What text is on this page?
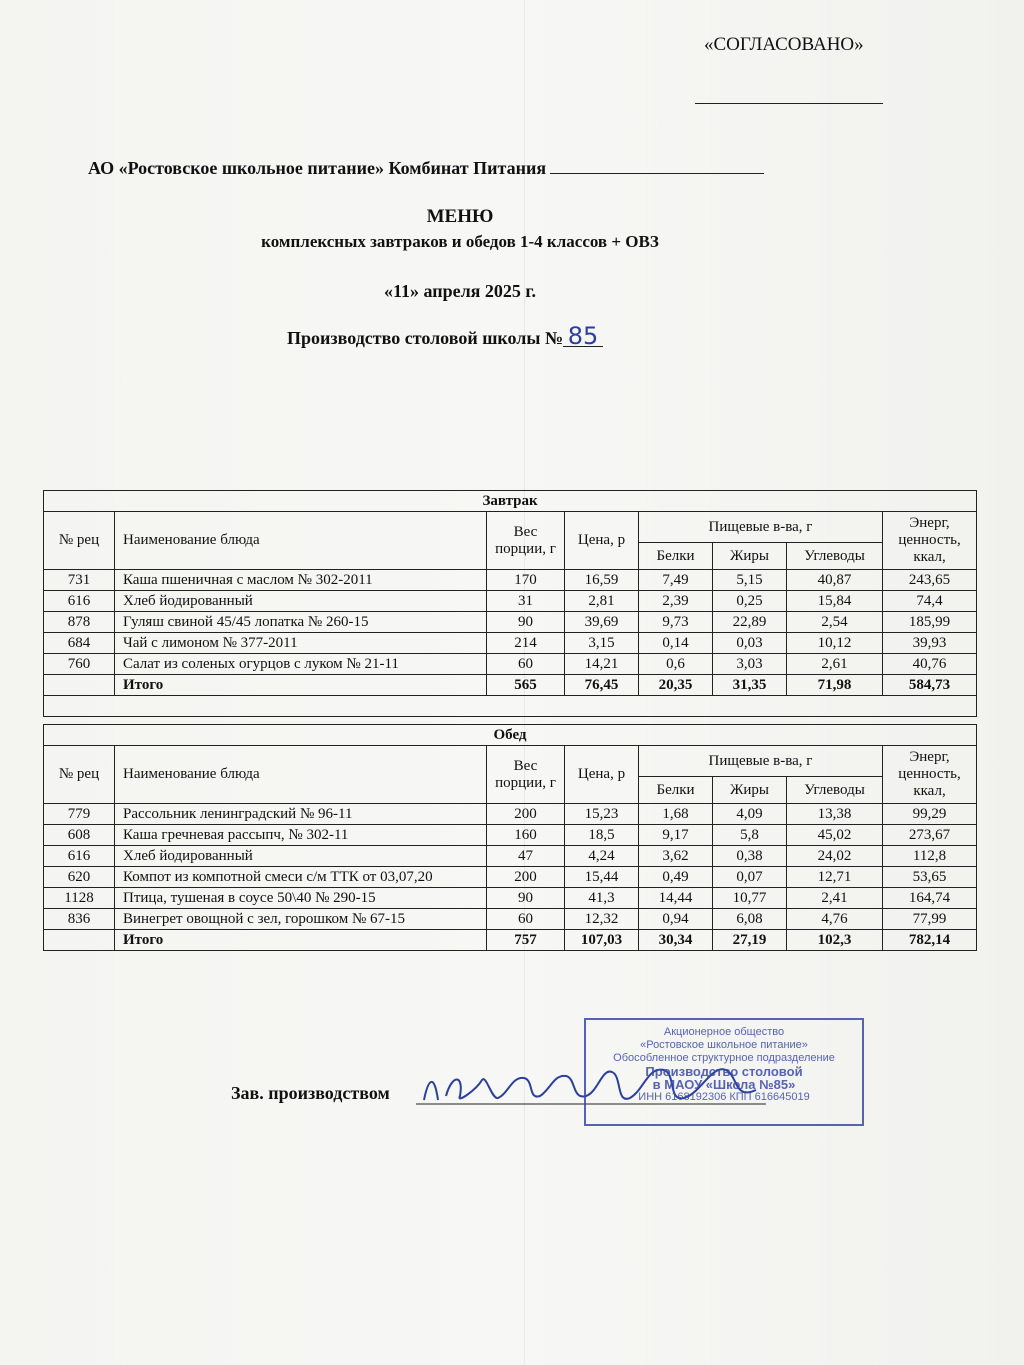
«СОГЛАСОВАНО»
АО «Ростовское школьное питание» Комбинат Питания
МЕНЮ
комплексных завтраков и обедов 1-4 классов + ОВЗ
«11» апреля 2025 г.
Производство столовой школы № 85
Завтрак							
№ рец	Наименование блюда	Вес порции, г	Цена, р	Пищевые в-ва, г			Энерг, ценность, ккал,
				Белки	Жиры	Углеводы	
731	Каша пшеничная с маслом № 302-2011	170	16,59	7,49	5,15	40,87	243,65
616	Хлеб йодированный	31	2,81	2,39	0,25	15,84	74,4
878	Гуляш свиной 45/45 лопатка № 260-15	90	39,69	9,73	22,89	2,54	185,99
684	Чай с лимоном № 377-2011	214	3,15	0,14	0,03	10,12	39,93
760	Салат из соленых огурцов с луком № 21-11	60	14,21	0,6	3,03	2,61	40,76
	Итого	565	76,45	20,35	31,35	71,98	584,73

Обед							
№ рец	Наименование блюда	Вес порции, г	Цена, р	Пищевые в-ва, г			Энерг, ценность, ккал,
				Белки	Жиры	Углеводы	
779	Рассольник ленинградский № 96-11	200	15,23	1,68	4,09	13,38	99,29
608	Каша гречневая рассыпч, № 302-11	160	18,5	9,17	5,8	45,02	273,67
616	Хлеб йодированный	47	4,24	3,62	0,38	24,02	112,8
620	Компот из компотной смеси с/м ТТК от 03,07,20	200	15,44	0,49	0,07	12,71	53,65
1128	Птица, тушеная в соусе 50\40 № 290-15	90	41,3	14,44	10,77	2,41	164,74
836	Винегрет овощной с зел, горошком № 67-15	60	12,32	0,94	6,08	4,76	77,99
	Итого	757	107,03	30,34	27,19	102,3	782,14
Зав. производством
Акционерное общество
«Ростовское школьное питание»
Обособленное структурное подразделение
Производство столовой
в МАОУ «Школа №85»
ИНН 6168192306 КПП 616645019
